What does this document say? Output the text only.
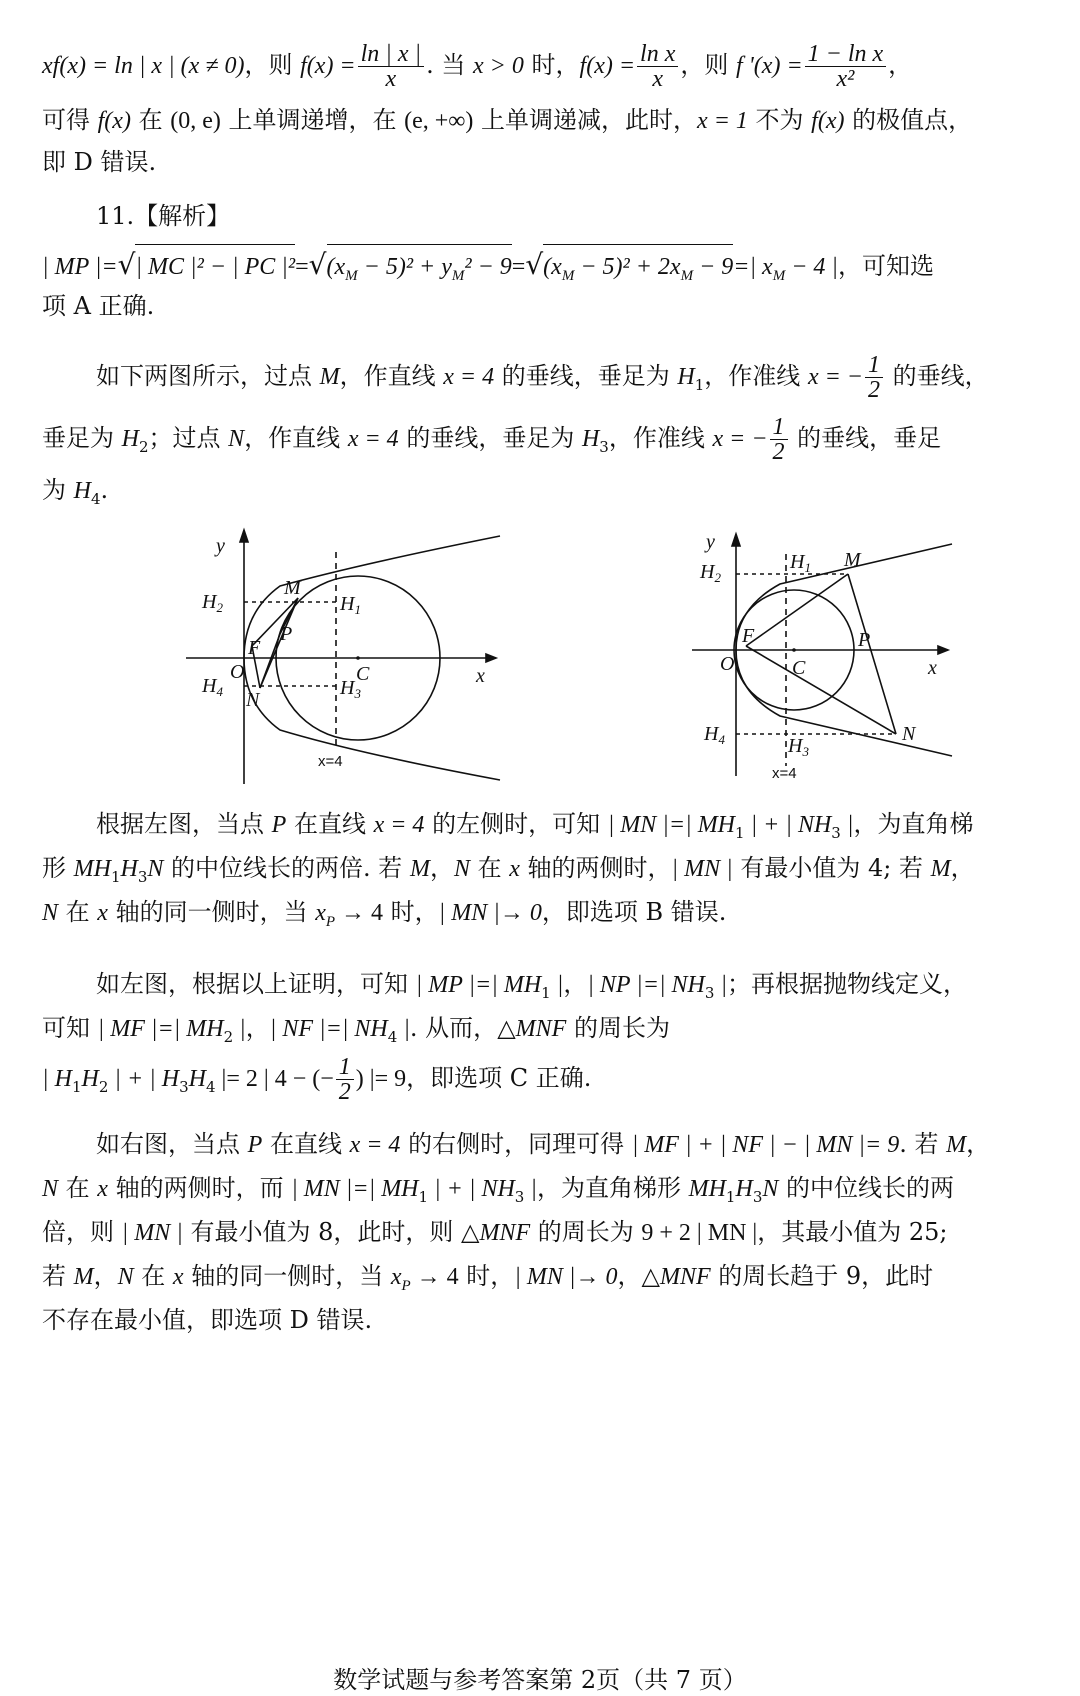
xf(x) = ln | x | (x ≠ 0)，则 $f(x) = \frac{\ln | x |}{x}$ . 当 x > 0 时，$f(x) = \frac{\text{ln x}}{x}$ ，则 f '$(x) = \frac{\text{1 − ln x}}{\text{x²}}$ ，
可得 f(x) 在 (0, e) 上单调递增，在 (e, +∞) 上单调递减，此时，x = 1 不为 f(x) 的极值点，
即 D 错误.
11.【解析】
| MP |=√| MC |² − | PC $|^2=√(x_M - 5)^2 + y_M^2 - 9=√(x_M - 5)^2 + 2x_M - 9=|$ $x_M - 4$ |，可知选
项 A 正确.
如下两图所示，过点 M，作直线 x = 4 的垂线，垂足为 $H_1$，作准线 x = − $\frac{1}{2}$ 的垂线，
垂足为 $H_2$；过点 N，作直线 x = 4 的垂线，垂足为 $H_3$，作准线 x = − $\frac{1}{2}$ 的垂线，垂足
为 $H_4$.
y
x
O
F
P
M
N
C
$H_1$
$H_2$
$H_3$
$H_4$
x=4
y
x
O
F	P
M
N
C
$H_1$
$H_2$
$H_3$
$H_4$
x=4
根据左图，当点 P 在直线 x = 4 的左侧时，可知 | MN |=| $MH_1$ | + | $NH_3$ |，为直角梯
形 $MH_1H_3N$ 的中位线长的两倍. 若 M，N 在 x 轴的两侧时，| MN | 有最小值为 4; 若 M，
N 在 x 轴的同一侧时，当 $x_P \to 4$ 时，| MN |→ 0，即选项 B 错误.
如左图，根据以上证明，可知 | MP |=| $MH_1$ |，| NP |=| $NH_3$ |；再根据抛物线定义，
可知 | MF |=| $MH_2$ |，| NF |=| $NH_4$ |. 从而，△MNF 的周长为
| $H_1H_2$ | + | $H_3H_4$ |= 2 | 4 − (− $\frac{1}{2}$ ) |= 9，即选项 C 正确.
如右图，当点 P 在直线 x = 4 的右侧时，同理可得 | MF | + | NF | − | MN |= 9. 若 M，
N 在 x 轴的两侧时，而 | MN |=| $MH_1$ | + | $NH_3$ |，为直角梯形 $MH_1H_3N$ 的中位线长的两
倍，则 | MN | 有最小值为 8，此时，则 △MNF 的周长为 9 + 2 | MN |，其最小值为 25;
若 M，N 在 x 轴的同一侧时，当 $x_P \to 4$ 时，| MN |→ 0，△MNF 的周长趋于 9，此时
不存在最小值，即选项 D 错误.
数学试题与参考答案第 2页（共 7 页）
